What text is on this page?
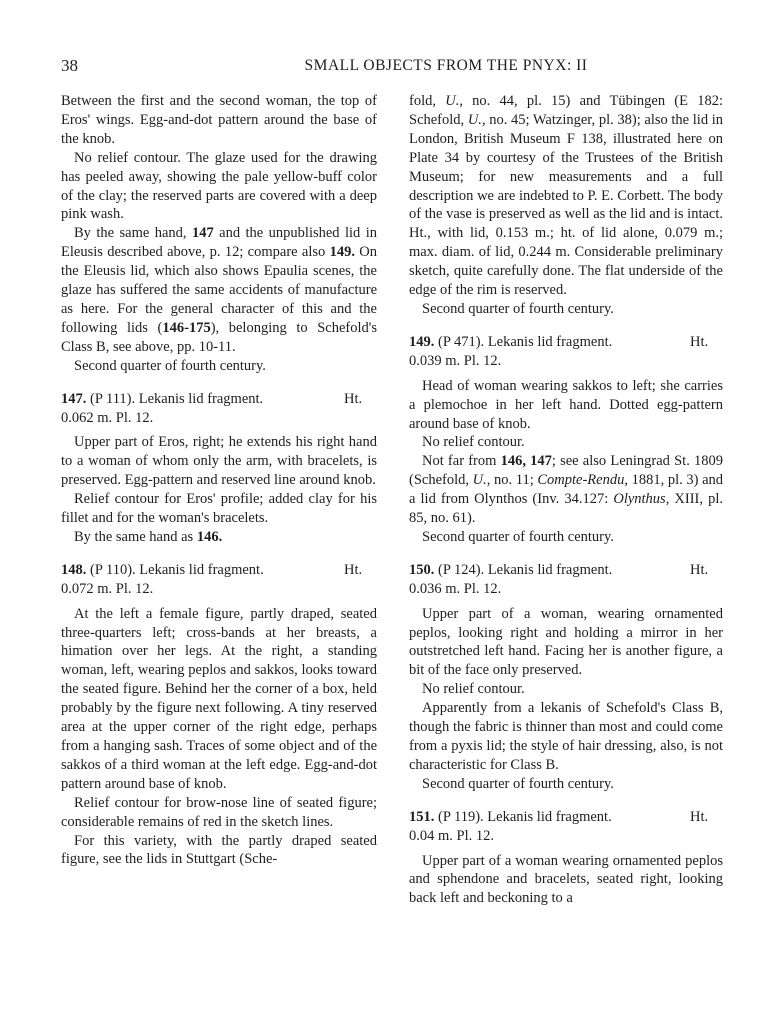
38	SMALL OBJECTS FROM THE PNYX: II

Between the first and the second woman, the top of Eros' wings. Egg-and-dot pattern around the base of the knob.

No relief contour. The glaze used for the drawing has peeled away, showing the pale yellow-buff color of the clay; the reserved parts are covered with a deep pink wash.

By the same hand, 147 and the unpublished lid in Eleusis described above, p. 12; compare also 149. On the Eleusis lid, which also shows Epaulia scenes, the glaze has suffered the same accidents of manufacture as here. For the general character of this and the following lids (146-175), belonging to Schefold's Class B, see above, pp. 10-11.

Second quarter of fourth century.

147. (P 111). Lekanis lid fragment.	Ht.
0.062 m. Pl. 12.

Upper part of Eros, right; he extends his right hand to a woman of whom only the arm, with bracelets, is preserved. Egg-pattern and reserved line around knob.

Relief contour for Eros' profile; added clay for his fillet and for the woman's bracelets.

By the same hand as 146.

148. (P 110). Lekanis lid fragment.	Ht.
0.072 m. Pl. 12.

At the left a female figure, partly draped, seated three-quarters left; cross-bands at her breasts, a himation over her legs. At the right, a standing woman, left, wearing peplos and sakkos, looks toward the seated figure. Behind her the corner of a box, held probably by the figure next following. A tiny reserved area at the upper corner of the right edge, perhaps from a hanging sash. Traces of some object and of the sakkos of a third woman at the left edge. Egg-and-dot pattern around base of knob.

Relief contour for brow-nose line of seated figure; considerable remains of red in the sketch lines.

For this variety, with the partly draped seated figure, see the lids in Stuttgart (Sche-

fold, U., no. 44, pl. 15) and Tübingen (E 182: Schefold, U., no. 45; Watzinger, pl. 38); also the lid in London, British Museum F 138, illustrated here on Plate 34 by courtesy of the Trustees of the British Museum; for new measurements and a full description we are indebted to P. E. Corbett. The body of the vase is preserved as well as the lid and is intact. Ht., with lid, 0.153 m.; ht. of lid alone, 0.079 m.; max. diam. of lid, 0.244 m. Considerable preliminary sketch, quite carefully done. The flat underside of the edge of the rim is reserved.

Second quarter of fourth century.

149. (P 471). Lekanis lid fragment.	Ht.
0.039 m. Pl. 12.

Head of woman wearing sakkos to left; she carries a plemochoe in her left hand. Dotted egg-pattern around base of knob.

No relief contour.

Not far from 146, 147; see also Leningrad St. 1809 (Schefold, U., no. 11; Compte-Rendu, 1881, pl. 3) and a lid from Olynthos (Inv. 34.127: Olynthus, XIII, pl. 85, no. 61).

Second quarter of fourth century.

150. (P 124). Lekanis lid fragment.	Ht.
0.036 m. Pl. 12.

Upper part of a woman, wearing ornamented peplos, looking right and holding a mirror in her outstretched left hand. Facing her is another figure, a bit of the face only preserved.

No relief contour.

Apparently from a lekanis of Schefold's Class B, though the fabric is thinner than most and could come from a pyxis lid; the style of hair dressing, also, is not characteristic for Class B.

Second quarter of fourth century.

151. (P 119). Lekanis lid fragment.	Ht.
0.04 m. Pl. 12.

Upper part of a woman wearing ornamented peplos and sphendone and bracelets, seated right, looking back left and beckoning to a
